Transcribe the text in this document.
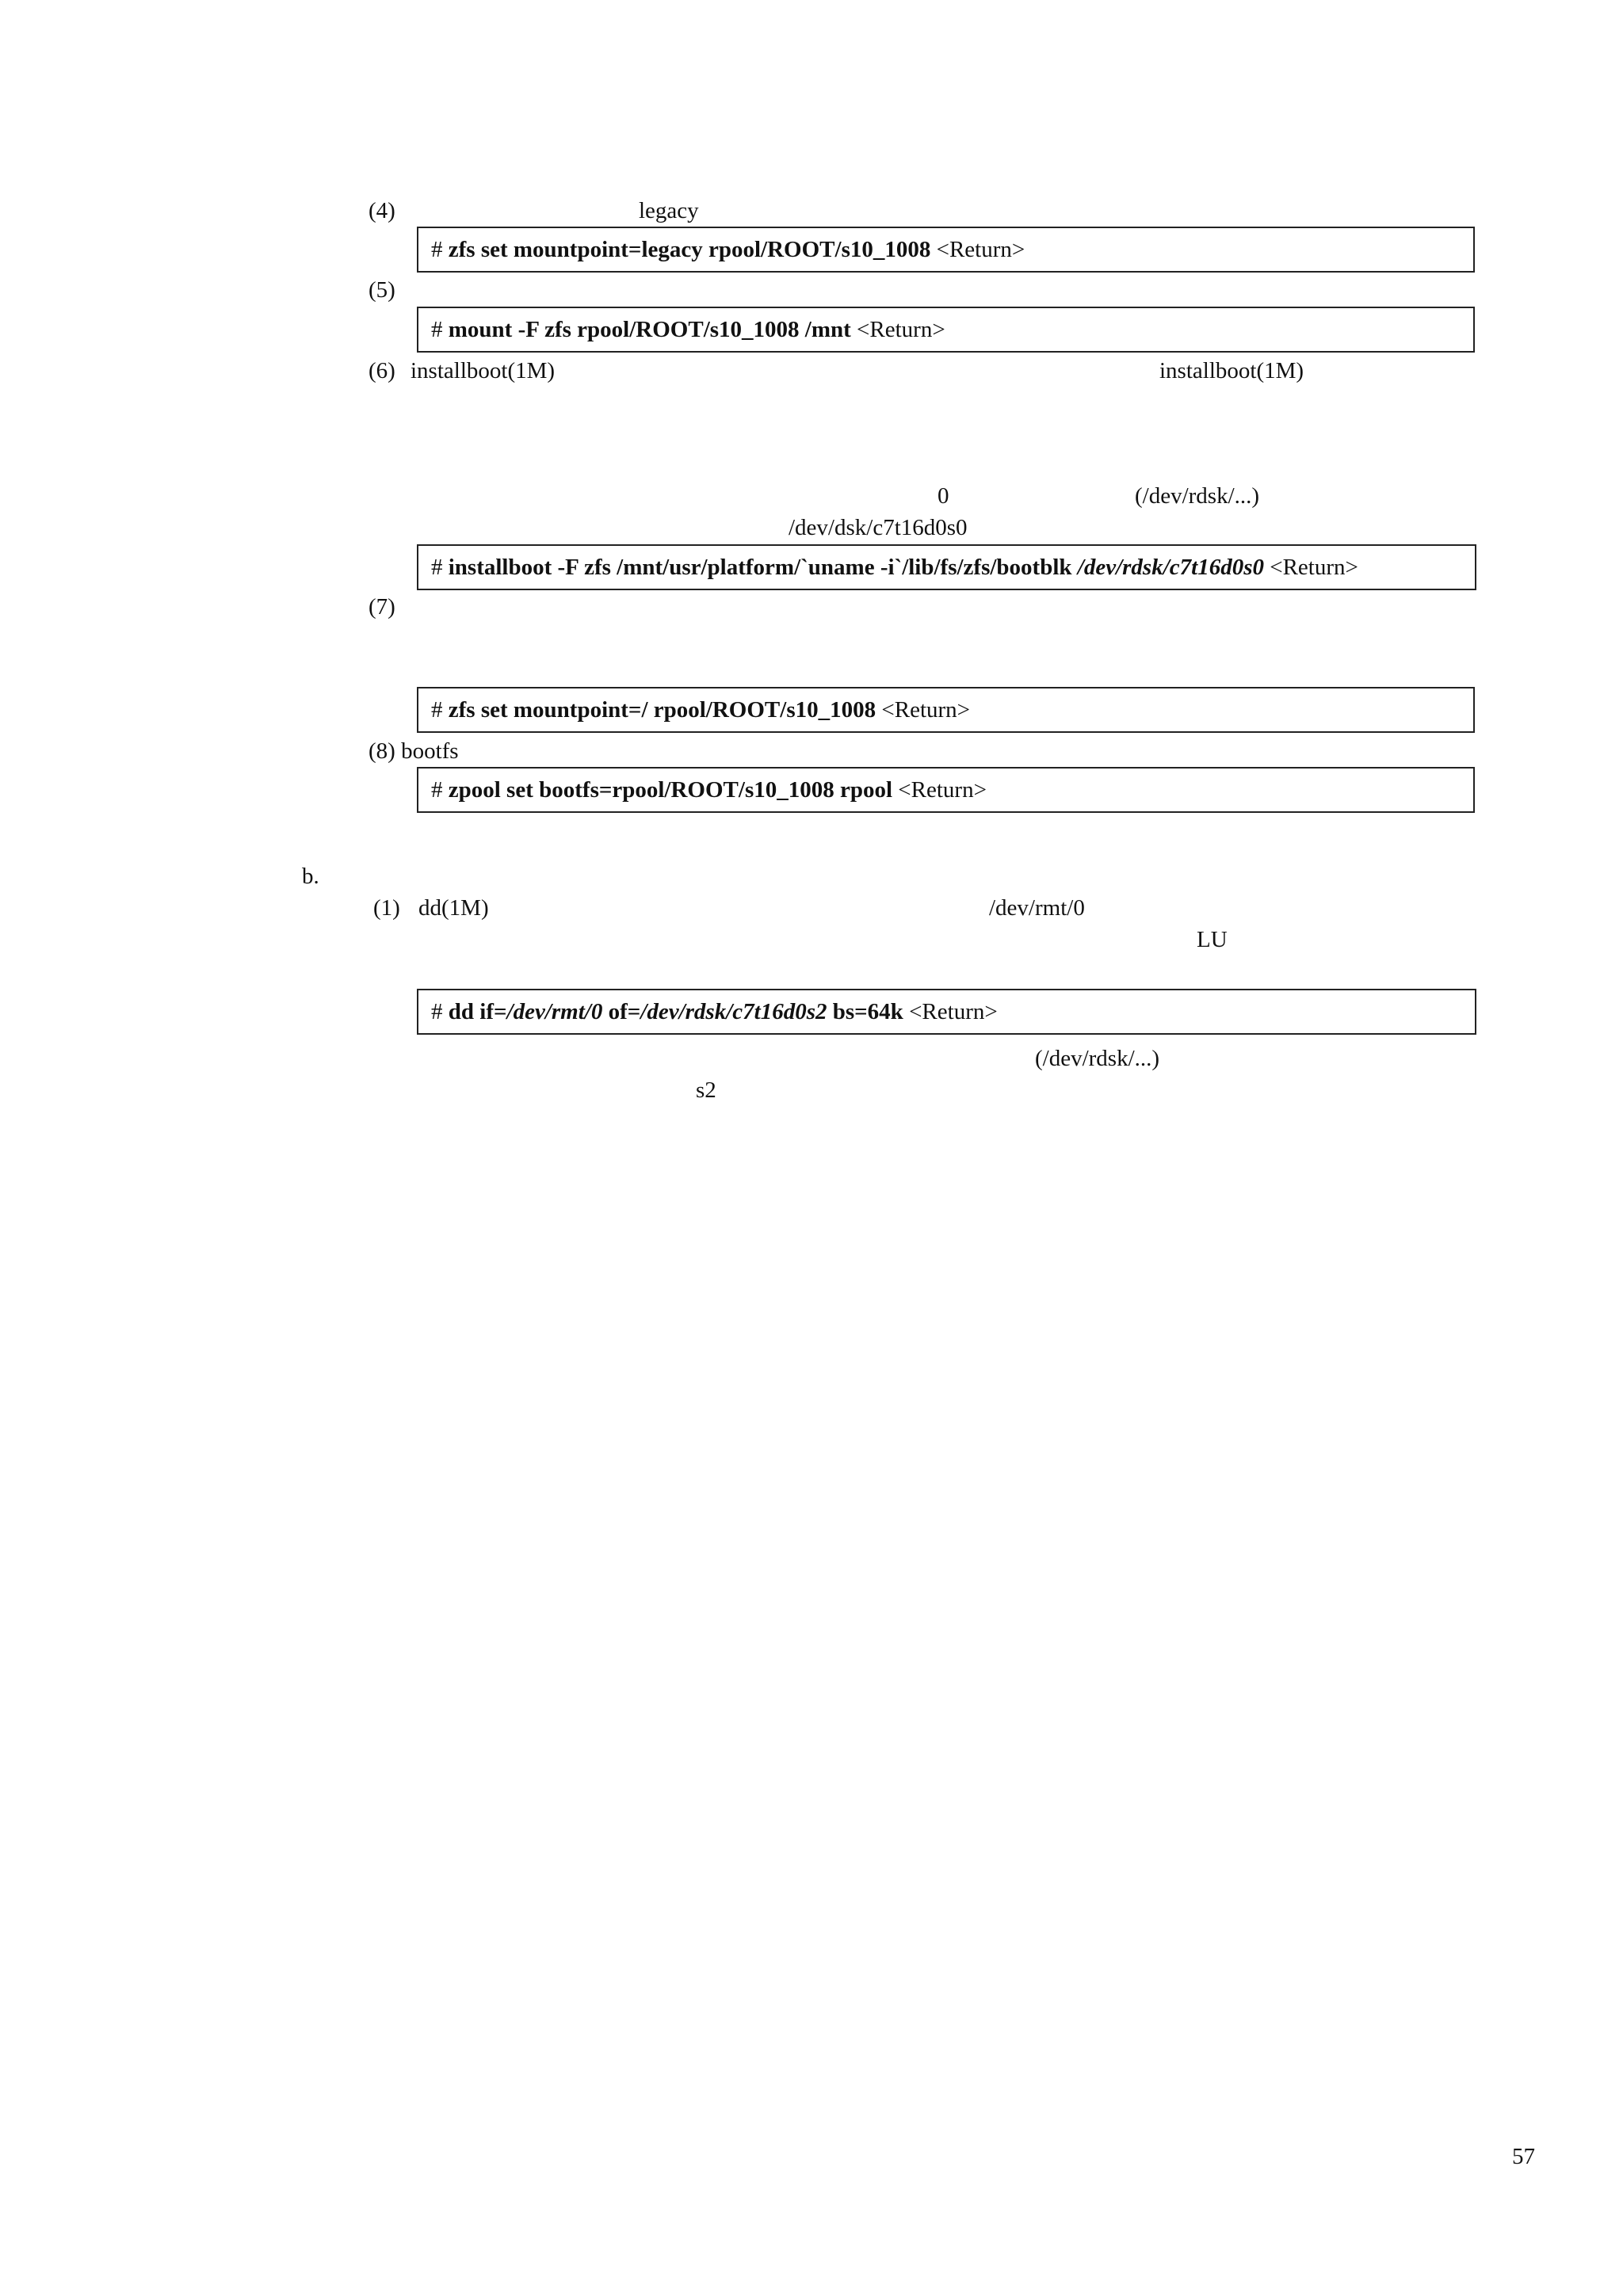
(4)	legacy
#
zfs set mountpoint=legacy rpool/ROOT/s10_1008
<Return>
(5)
#
mount -F zfs rpool/ROOT/s10_1008 /mnt
<Return>
(6) installboot(1M)	installboot(1M)
0	(/dev/rdsk/...)
/dev/dsk/c7t16d0s0
#
installboot -F zfs /mnt/usr/platform/`uname -i`/lib/fs/zfs/bootblk
/dev/rdsk/c7t16d0s0
<Return>
(7)
#
zfs set mountpoint=/ rpool/ROOT/s10_1008
<Return>
(8) bootfs
#
zpool set bootfs=rpool/ROOT/s10_1008 rpool
<Return>
b.
(1) dd(1M)	/dev/rmt/0
LU
#
dd
if= /dev/rmt/0
of= /dev/rdsk/c7t16d0s2
bs=64k
<Return>
(/dev/rdsk/...)
s2
57
